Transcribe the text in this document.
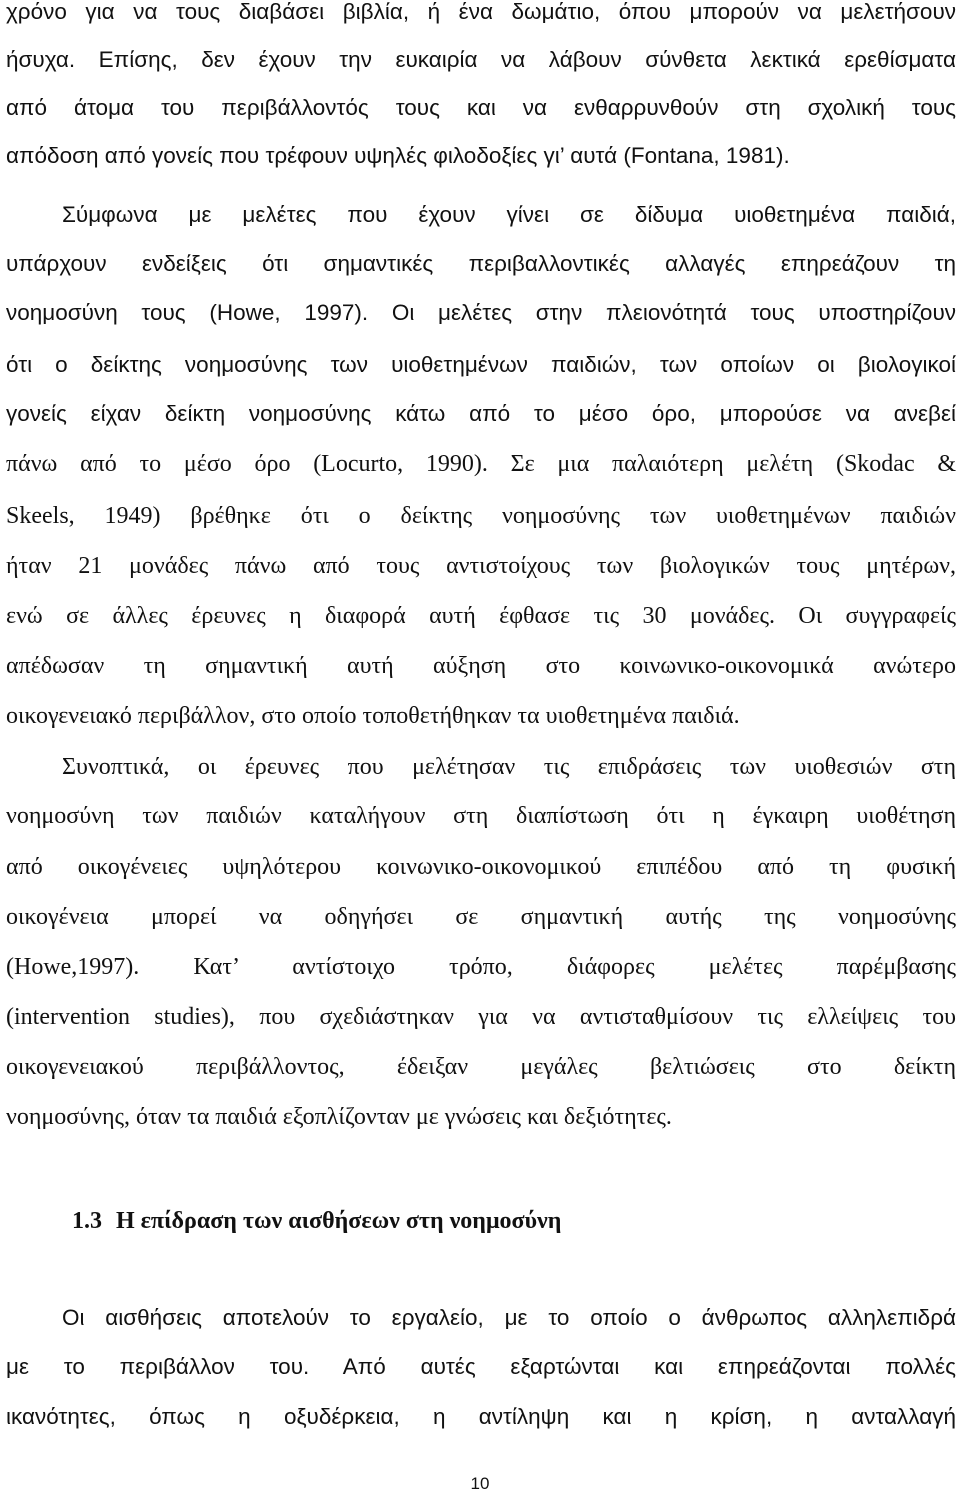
χρόνο για να τους διαβάσει βιβλία, ή ένα δωμάτιο, όπου μπορούν να μελετήσουν
ήσυχα. Επίσης, δεν έχουν την ευκαιρία να λάβουν σύνθετα λεκτικά ερεθίσματα
από άτομα του περιβάλλοντός τους και να ενθαρρυνθούν στη σχολική τους
απόδοση από γονείς που τρέφουν υψηλές φιλοδοξίες γι’ αυτά (Fontana, 1981).
Σύμφωνα με μελέτες που έχουν γίνει σε δίδυμα υιοθετημένα παιδιά,
υπάρχουν ενδείξεις ότι σημαντικές περιβαλλοντικές αλλαγές επηρεάζουν τη
νοημοσύνη τους (Howe, 1997). Οι μελέτες στην πλειονότητά τους υποστηρίζουν
ότι ο δείκτης νοημοσύνης των υιοθετημένων παιδιών, των οποίων οι βιολογικοί
γονείς είχαν δείκτη νοημοσύνης κάτω από το μέσο όρο, μπορούσε να ανεβεί
πάνω από το μέσο όρο (Locurto, 1990). Σε μια παλαιότερη μελέτη (Skodac &
Skeels, 1949) βρέθηκε ότι ο δείκτης νοημοσύνης των υιοθετημένων παιδιών
ήταν 21 μονάδες πάνω από τους αντιστοίχους των βιολογικών τους μητέρων,
ενώ σε άλλες έρευνες η διαφορά αυτή έφθασε τις 30 μονάδες. Οι συγγραφείς
απέδωσαν τη σημαντική αυτή αύξηση στο κοινωνικο-οικονομικά ανώτερο
οικογενειακό περιβάλλον, στο οποίο τοποθετήθηκαν τα υιοθετημένα παιδιά.
Συνοπτικά, οι έρευνες που μελέτησαν τις επιδράσεις των υιοθεσιών στη
νοημοσύνη των παιδιών καταλήγουν στη διαπίστωση ότι η έγκαιρη υιοθέτηση
από οικογένειες υψηλότερου κοινωνικο-οικονομικού επιπέδου από τη φυσική
οικογένεια μπορεί να οδηγήσει σε σημαντική αυτής της νοημοσύνης
(Howe,1997). Κατ’ αντίστοιχο τρόπο, διάφορες μελέτες παρέμβασης
(intervention studies), που σχεδιάστηκαν για να αντισταθμίσουν τις ελλείψεις του
οικογενειακού περιβάλλοντος, έδειξαν μεγάλες βελτιώσεις στο δείκτη
νοημοσύνης, όταν τα παιδιά εξοπλίζονταν με γνώσεις και δεξιότητες.
Οι αισθήσεις αποτελούν το εργαλείο, με το οποίο ο άνθρωπος αλληλεπιδρά
με το περιβάλλον του. Από αυτές εξαρτώνται και επηρεάζονται πολλές
ικανότητες, όπως η οξυδέρκεια, η αντίληψη και η κρίση, η ανταλλαγή
1.3 Η επίδραση των αισθήσεων στη νοημοσύνη
10
